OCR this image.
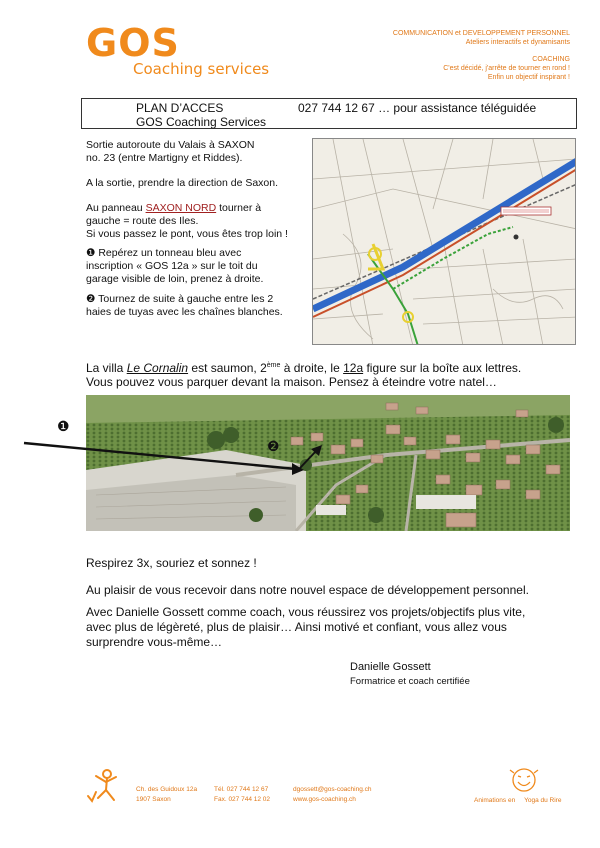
GOS
Coaching services
COMMUNICATION et DEVELOPPEMENT PERSONNEL
Ateliers interactifs et dynamisants
COACHING
C'est décidé, j'arrête de tourner en rond !
Enfin un objectif inspirant !
PLAN D’ACCES
GOS Coaching Services
027 744 12 67 … pour assistance téléguidée
Sortie autoroute du Valais à SAXON
no. 23 (entre Martigny et Riddes).
A la sortie, prendre la direction de Saxon.
Au panneau SAXON NORD tourner à
gauche = route des Iles.
Si vous passez le pont, vous êtes trop loin !
❶ Repérez un tonneau bleu avec
inscription « GOS 12a » sur le toit du
garage visible de loin, prenez à droite.
❷ Tournez de suite à gauche entre les 2
haies de tuyas avec les chaînes blanches.
La villa Le Cornalin est saumon, 2ème à droite, le 12a figure sur la boîte aux lettres.
Vous pouvez vous parquer devant la maison. Pensez à éteindre votre natel…
❶
❷
Respirez 3x, souriez et sonnez !
Au plaisir de vous recevoir dans notre nouvel espace de développement personnel.
Avec Danielle Gossett comme coach, vous réussirez vos projets/objectifs plus vite,
avec plus de légèreté, plus de plaisir… Ainsi motivé et confiant, vous allez vous
surprendre vous-même…
Danielle Gossett
Formatrice et coach certifiée
Ch. des Guidoux 12a
1907 Saxon
Tél. 027 744 12 67
Fax. 027 744 12 02
dgossett@gos-coaching.ch
www.gos-coaching.ch	Animations en     Yoga du Rire
